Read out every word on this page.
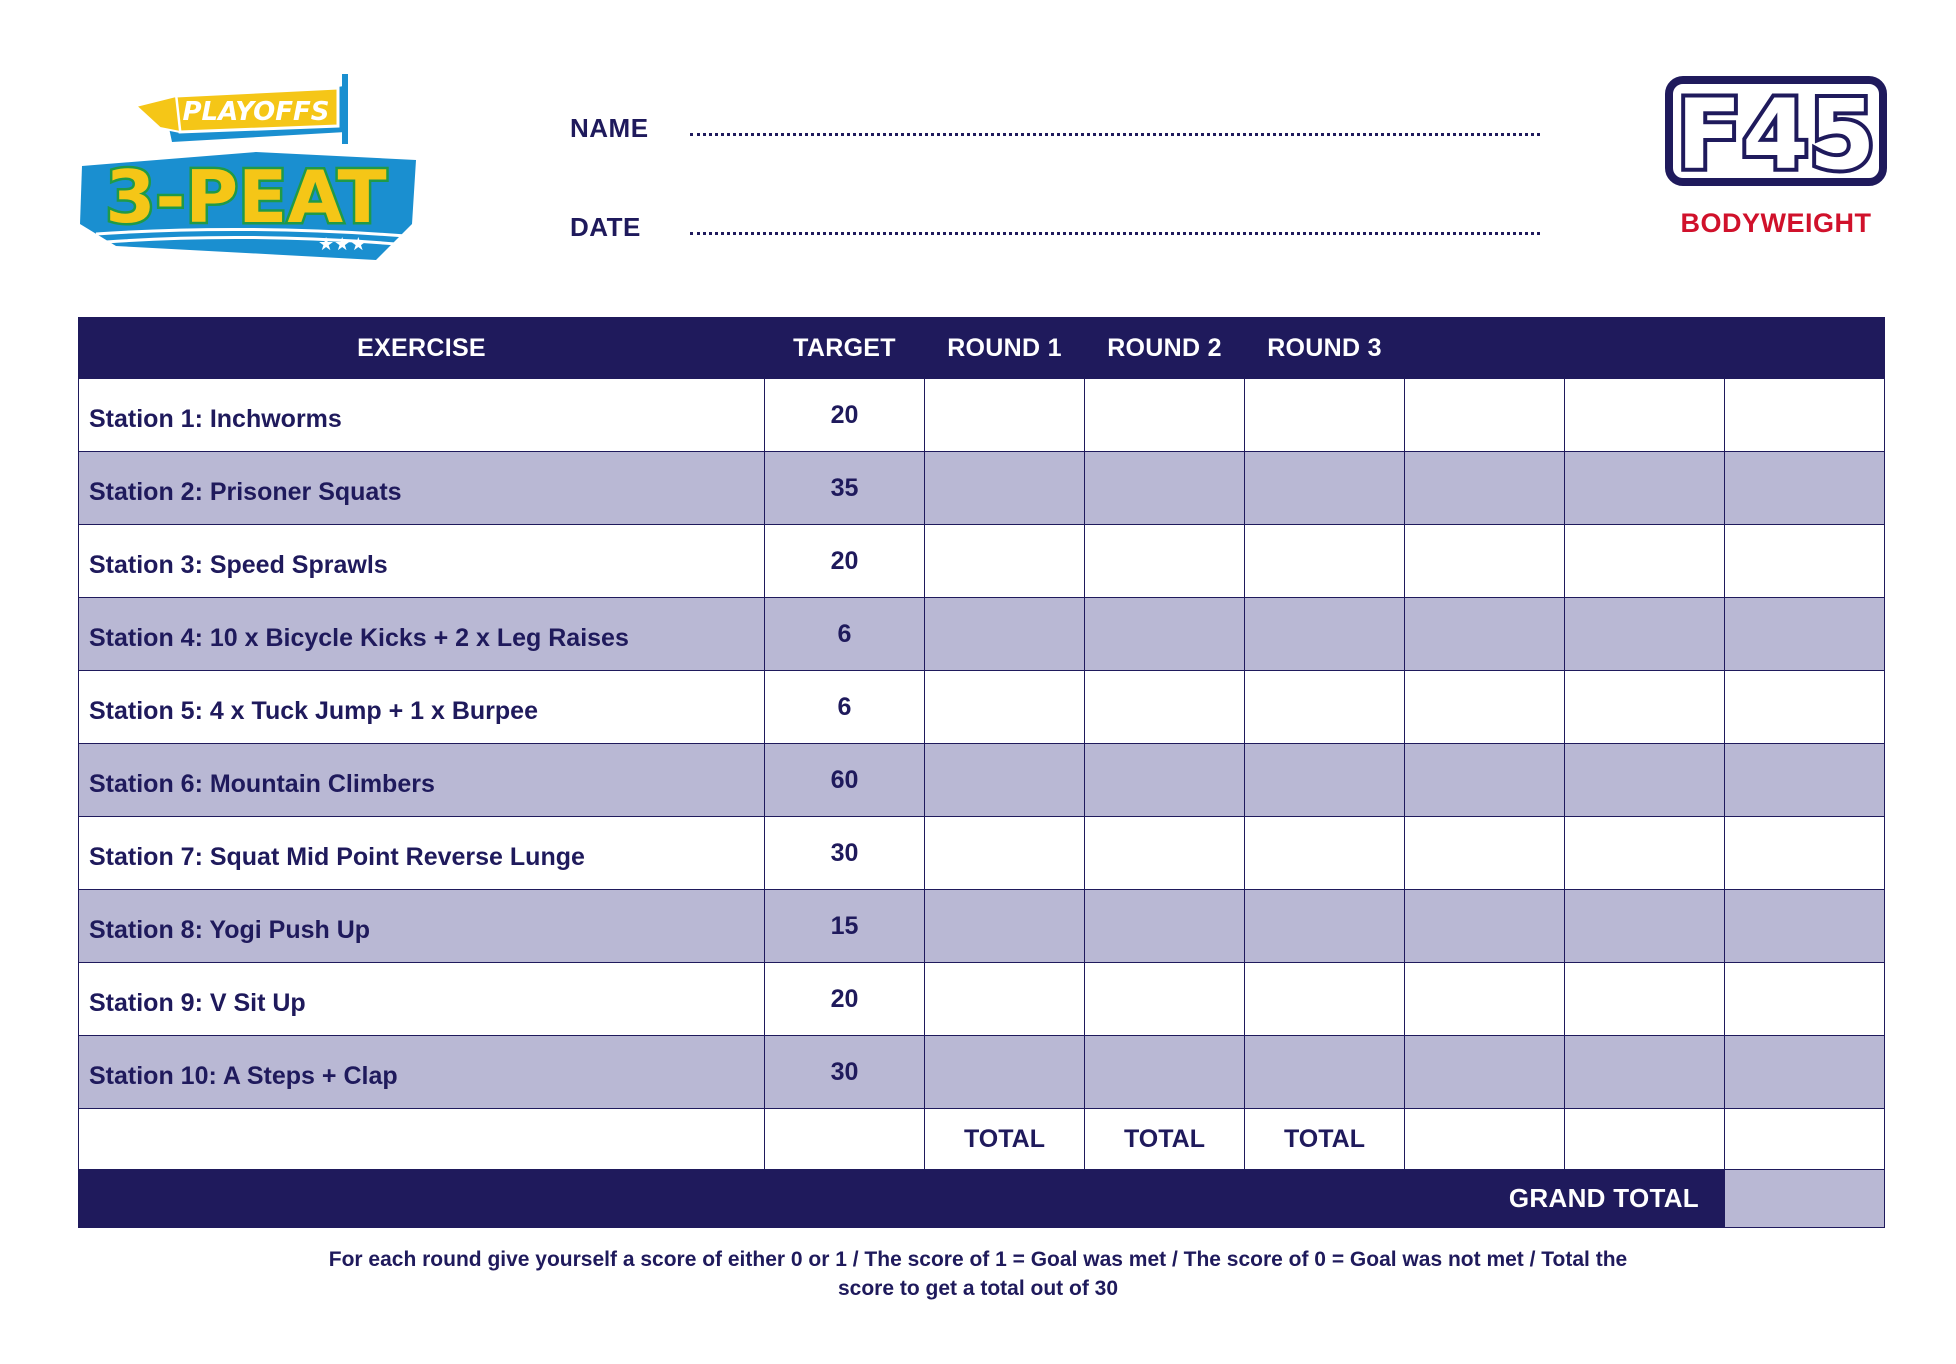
PLAYOFFS
3-PEAT
★★★
F45
BODYWEIGHT
NAME
DATE
EXERCISE	TARGET	ROUND 1	ROUND 2	ROUND 3			
Station 1: Inchworms	20						
Station 2: Prisoner Squats	35						
Station 3: Speed Sprawls	20						
Station 4: 10 x Bicycle Kicks + 2 x Leg Raises	6						
Station 5: 4 x Tuck Jump + 1 x Burpee	6						
Station 6: Mountain Climbers	60						
Station 7: Squat Mid Point Reverse Lunge	30						
Station 8: Yogi Push Up	15						
Station 9: V Sit Up	20						
Station 10: A Steps + Clap	30						
		TOTAL	TOTAL	TOTAL			
GRAND TOTAL							
For each round give yourself a score of either 0 or 1 / The score of 1 = Goal was met / The score of 0 = Goal was not met / Total the score to get a total out of 30
